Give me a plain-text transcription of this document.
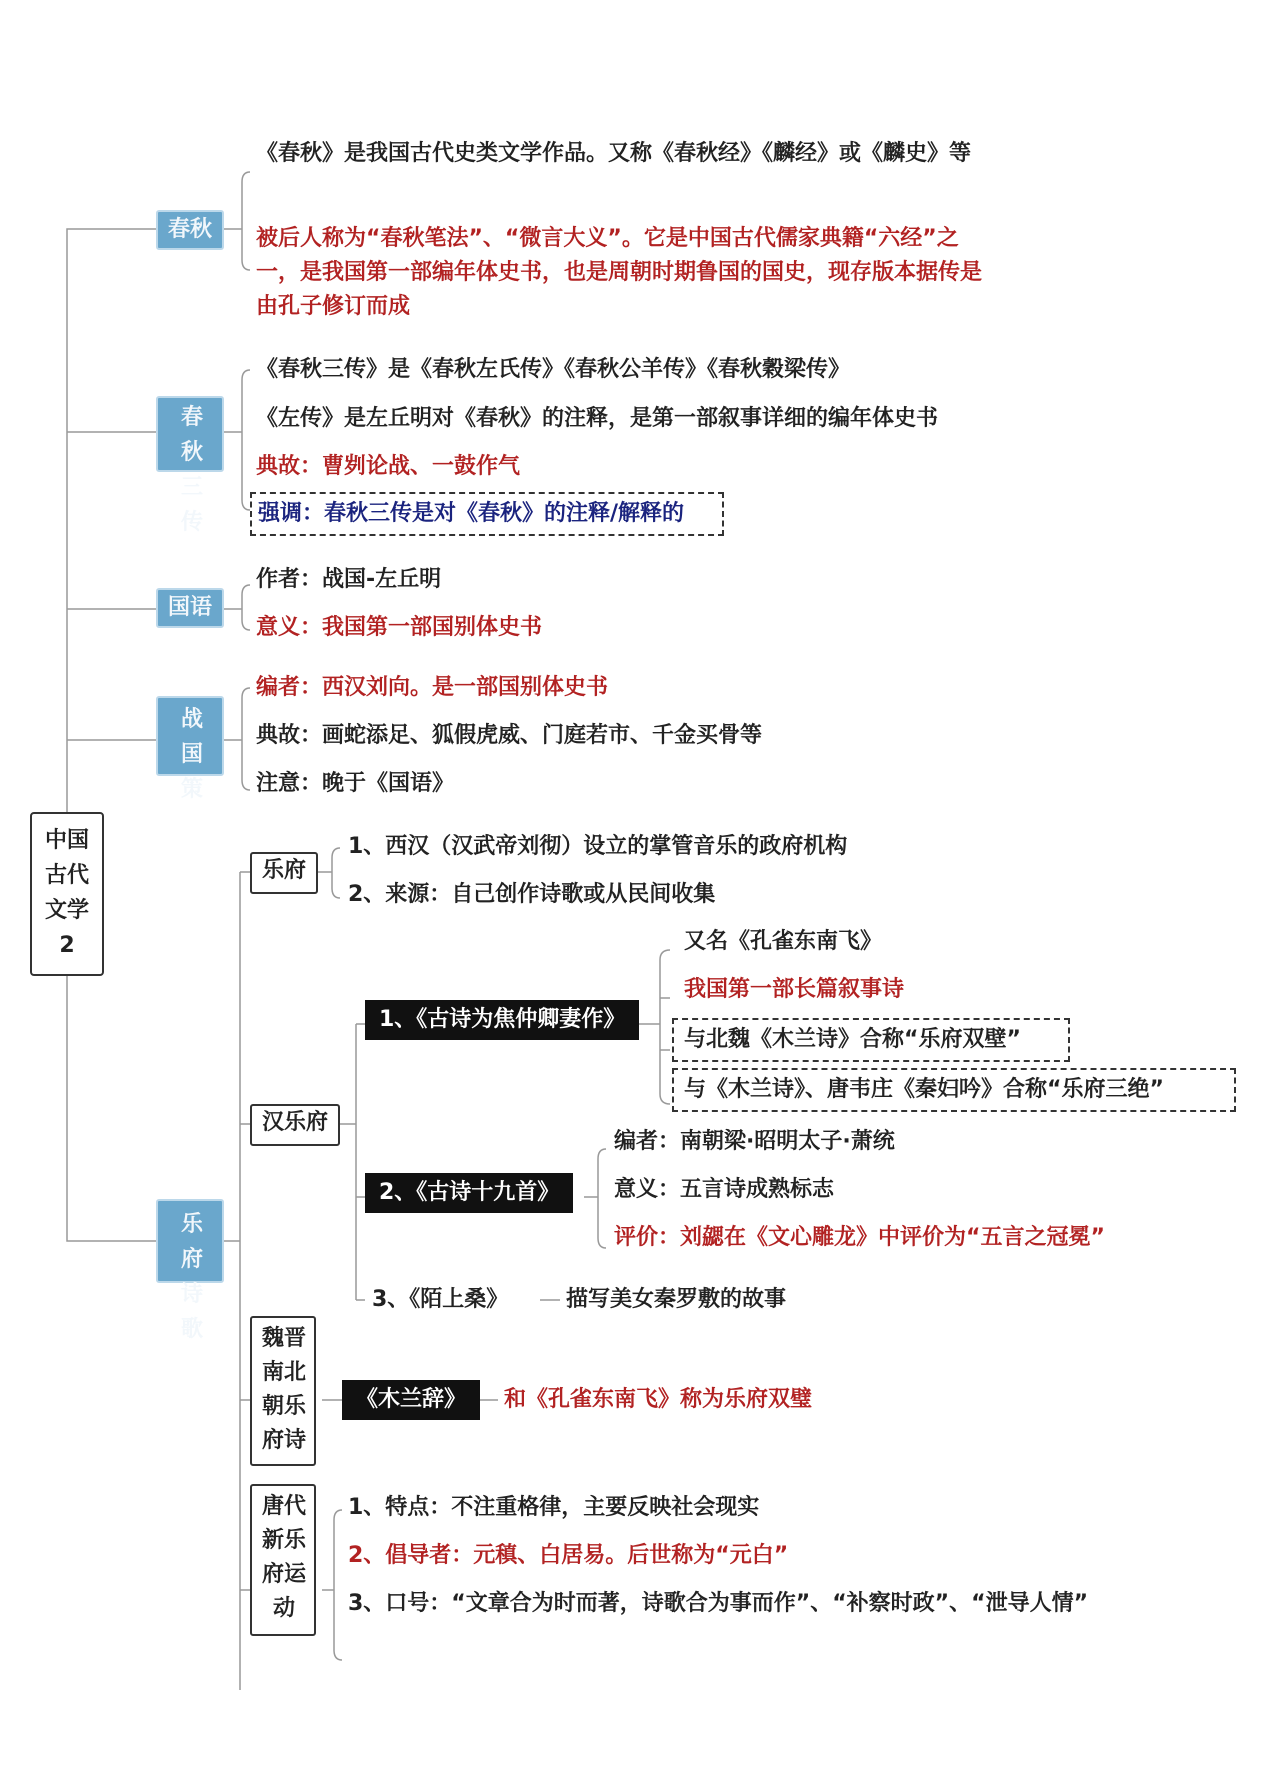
中国古代文学2
春秋
《春秋》是我国古代史类文学作品。又称《春秋经》《麟经》或《麟史》等
被后人称为“春秋笔法”、“微言大义”。它是中国古代儒家典籍“六经”之一，是我国第一部编年体史书，也是周朝时期鲁国的国史，现存版本据传是由孔子修订而成
春秋三传
《春秋三传》是《春秋左氏传》《春秋公羊传》《春秋穀梁传》
《左传》是左丘明对《春秋》的注释，是第一部叙事详细的编年体史书
典故：曹刿论战、一鼓作气
强调：春秋三传是对《春秋》的注释/解释的
国语
作者：战国-左丘明
意义：我国第一部国别体史书
战国策
编者：西汉刘向。是一部国别体史书
典故：画蛇添足、狐假虎威、门庭若市、千金买骨等
注意：晚于《国语》
乐府诗歌
乐府
1、西汉（汉武帝刘彻）设立的掌管音乐的政府机构
2、来源：自己创作诗歌或从民间收集
汉乐府
1、《古诗为焦仲卿妻作》
又名《孔雀东南飞》
我国第一部长篇叙事诗
与北魏《木兰诗》合称“乐府双壁”
与《木兰诗》、唐韦庄《秦妇吟》合称“乐府三绝”
2、《古诗十九首》
编者：南朝梁·昭明太子·萧统
意义：五言诗成熟标志
评价：刘勰在《文心雕龙》中评价为“五言之冠冕”
3、《陌上桑》	描写美女秦罗敷的故事
魏晋南北朝乐府诗
《木兰辞》	和《孔雀东南飞》称为乐府双璧
唐代新乐府运动
1、特点：不注重格律，主要反映社会现实
2、倡导者：元稹、白居易。后世称为“元白”
3、口号：“文章合为时而著，诗歌合为事而作”、“补察时政”、“泄导人情”
